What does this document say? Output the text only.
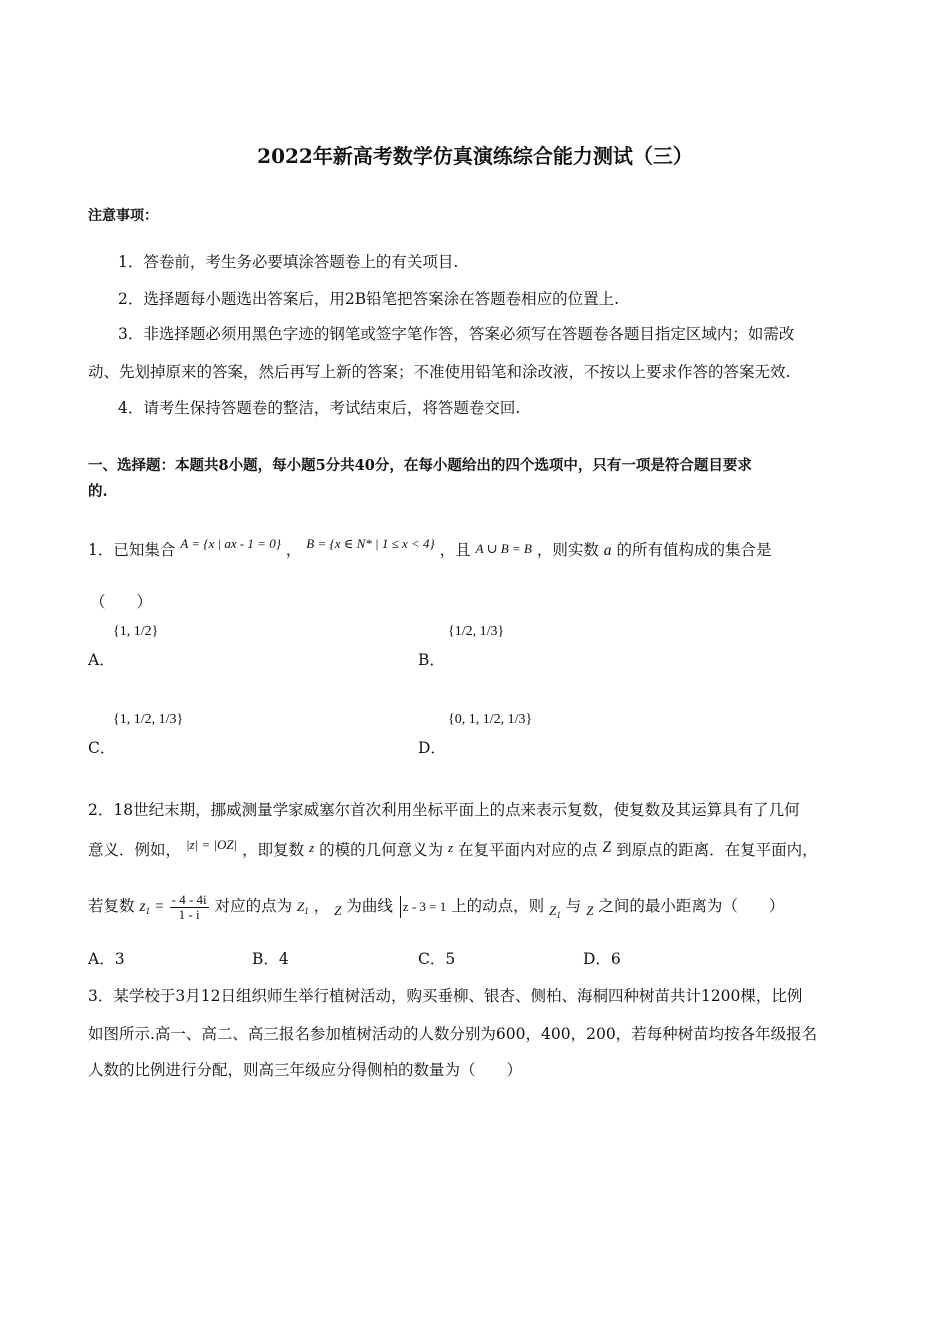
2022年新高考数学仿真演练综合能力测试（三）
注意事项：
1．答卷前，考生务必要填涂答题卷上的有关项目.
2．选择题每小题选出答案后，用2B铅笔把答案涂在答题卷相应的位置上.
3．非选择题必须用黑色字迹的钢笔或签字笔作答，答案必须写在答题卷各题目指定区域内；如需改
动、先划掉原来的答案，然后再写上新的答案；不准使用铅笔和涂改液，不按以上要求作答的答案无效.
4．请考生保持答题卷的整洁，考试结束后，将答题卷交回.
一、选择题：本题共8小题，每小题5分共40分，在每小题给出的四个选项中，只有一项是符合题目要求
的.
1．已知集合 $^{A = \{x | ax - 1 = 0\}}$ ， $^{B = \{x \in N* | 1 \le x < 4\}}$ ，且 A ∪ B = B ，则实数 a 的所有值构成的集合是
（　　）
A．
{1, 1/2}
B．
{1/2, 1/3}
C．
{1, 1/2, 1/3}
D．
{0, 1, 1/2, 1/3}
2．18世纪末期，挪威测量学家威塞尔首次利用坐标平面上的点来表示复数，使复数及其运算具有了几何
意义．例如， $^{|z| = |OZ|}$ ，即复数 z 的模的几何意义为 z 在复平面内对应的点 Z 到原点的距离．在复平面内，
若复数 $z_1 = \frac{- 4 - 4i}{1 - i}$ 对应的点为 $Z_1$ ， $_Z$ 为曲线 z - 3 = 1 上的动点，则 $_{Z_1}$ 与 $_Z$ 之间的最小距离为（　　）
A．3	B．4	C．5	D．6
3．某学校于3月12日组织师生举行植树活动，购买垂柳、银杏、侧柏、海桐四种树苗共计1200棵，比例
如图所示.高一、高二、高三报名参加植树活动的人数分别为600，400，200，若每种树苗均按各年级报名
人数的比例进行分配，则高三年级应分得侧柏的数量为（　　）
